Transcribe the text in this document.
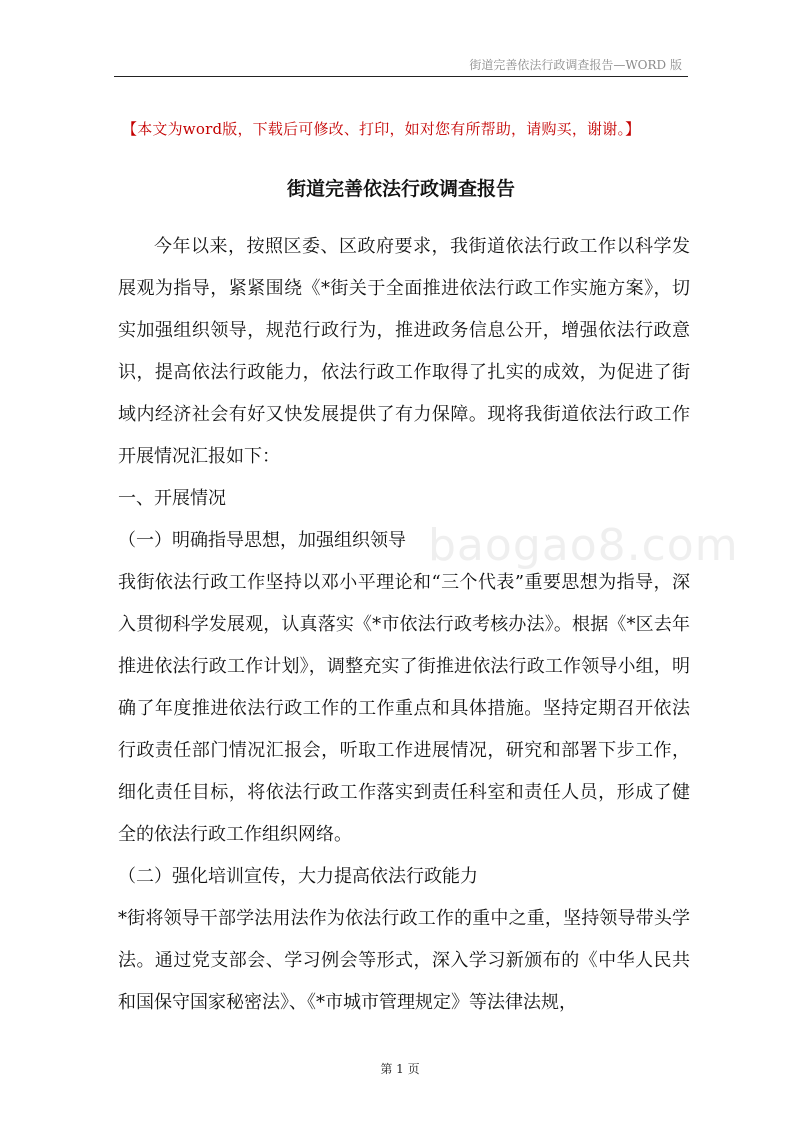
街道完善依法行政调查报告—WORD 版
【本文为word版，下载后可修改、打印，如对您有所帮助，请购买，谢谢。】
街道完善依法行政调查报告
baogao8.com

今年以来，按照区委、区政府要求，我街道依法行政工作以科学发展观为指导，紧紧围绕《*街关于全面推进依法行政工作实施方案》，切实加强组织领导，规范行政行为，推进政务信息公开，增强依法行政意识，提高依法行政能力，依法行政工作取得了扎实的成效，为促进了街域内经济社会有好又快发展提供了有力保障。现将我街道依法行政工作开展情况汇报如下：

一、开展情况

（一）明确指导思想，加强组织领导

我街依法行政工作坚持以邓小平理论和“三个代表”重要思想为指导，深入贯彻科学发展观，认真落实《*市依法行政考核办法》。根据《*区去年推进依法行政工作计划》，调整充实了街推进依法行政工作领导小组，明确了年度推进依法行政工作的工作重点和具体措施。坚持定期召开依法行政责任部门情况汇报会，听取工作进展情况，研究和部署下步工作，细化责任目标，将依法行政工作落实到责任科室和责任人员，形成了健全的依法行政工作组织网络。

（二）强化培训宣传，大力提高依法行政能力

*街将领导干部学法用法作为依法行政工作的重中之重，坚持领导带头学法。通过党支部会、学习例会等形式，深入学习新颁布的《中华人民共和国保守国家秘密法》、《*市城市管理规定》等法律法规，

第 1 页
